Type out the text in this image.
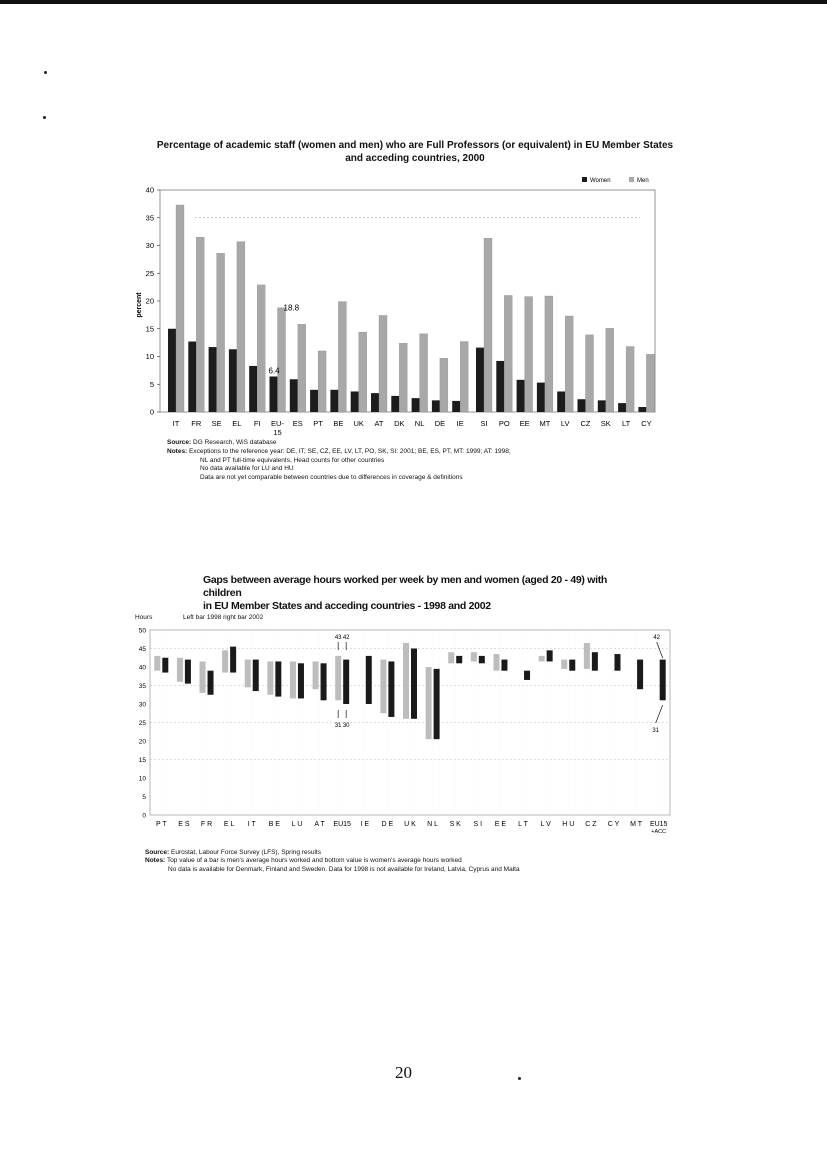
Percentage of academic staff (women and men) who are Full Professors (or equivalent) in EU Member States and acceding countries, 2000
0
5
10
15
20
25
30
35
40
IT FR SE EL FI EU-
15
ES PT BE UK AT DK NL DE IE SI PO EE MT LV CZ SK LT CY
18.8
6.4
Women	Men
percent
Source: DG Research, WiS database
Notes: Exceptions to the reference year: DE, IT, SE, CZ, EE, LV, LT, PO, SK, SI: 2001; BE, ES, PT, MT: 1999; AT: 1998;
NL and PT full-time equivalents, Head counts for other countries
No data available for LU and HU
Data are not yet comparable between countries due to differences in coverage & definitions
Gaps between average hours worked per week by men and women (aged 20 - 49) with children
in EU Member States and acceding countries - 1998 and 2002
Hours	Left bar 1998 right bar 2002
0
5
10
15
20
25
30
35
40
45
50
P T E S F R E L I T B E L U A T EU15 I E D E U K N L S K S I E E L T L V H U C Z C Y M T EU15
+ACC
43 42
31 30
42
31
Source: Eurostat, Labour Force Survey (LFS), Spring results
Notes: Top value of a bar is men's average hours worked and bottom value is women's average hours worked
No data is available for Denmark, Finland and Sweden. Data for 1998 is not available for Ireland, Latvia, Cyprus and Malta
20
